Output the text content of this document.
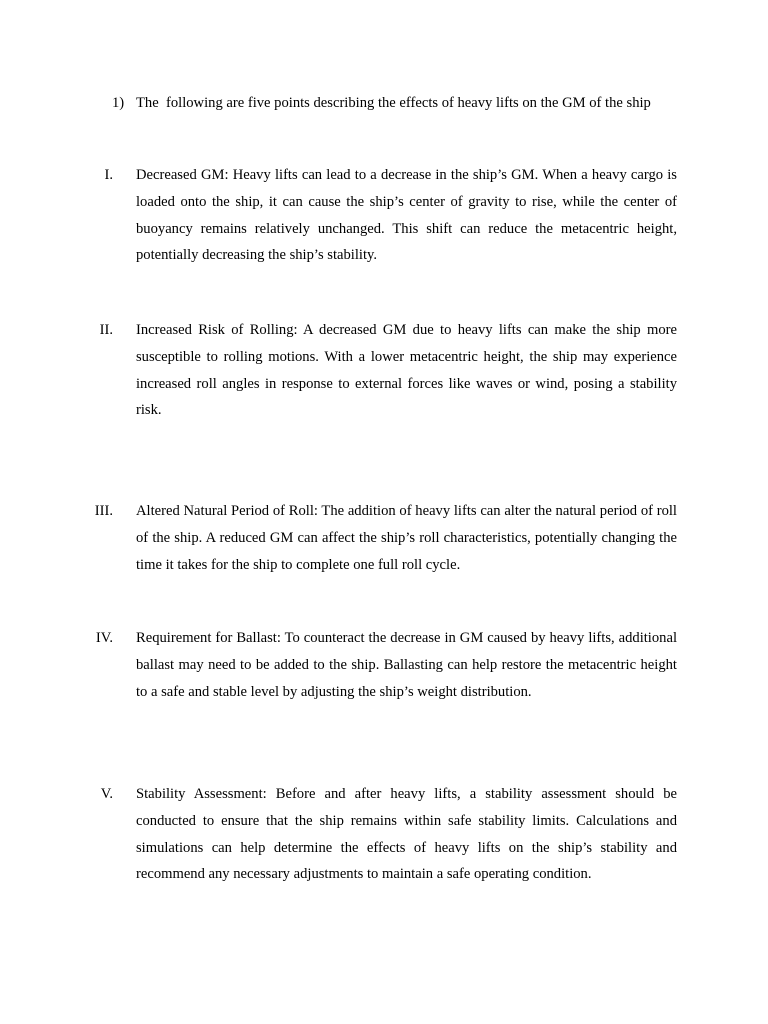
1) The  following are five points describing the effects of heavy lifts on the GM of the ship
I. Decreased GM: Heavy lifts can lead to a decrease in the ship’s GM. When a heavy cargo is loaded onto the ship, it can cause the ship’s center of gravity to rise, while the center of buoyancy remains relatively unchanged. This shift can reduce the metacentric height, potentially decreasing the ship’s stability.
II. Increased Risk of Rolling: A decreased GM due to heavy lifts can make the ship more susceptible to rolling motions. With a lower metacentric height, the ship may experience increased roll angles in response to external forces like waves or wind, posing a stability risk.
III. Altered Natural Period of Roll: The addition of heavy lifts can alter the natural period of roll of the ship. A reduced GM can affect the ship’s roll characteristics, potentially changing the time it takes for the ship to complete one full roll cycle.
IV. Requirement for Ballast: To counteract the decrease in GM caused by heavy lifts, additional ballast may need to be added to the ship. Ballasting can help restore the metacentric height to a safe and stable level by adjusting the ship’s weight distribution.
V. Stability Assessment: Before and after heavy lifts, a stability assessment should be conducted to ensure that the ship remains within safe stability limits. Calculations and simulations can help determine the effects of heavy lifts on the ship’s stability and recommend any necessary adjustments to maintain a safe operating condition.
